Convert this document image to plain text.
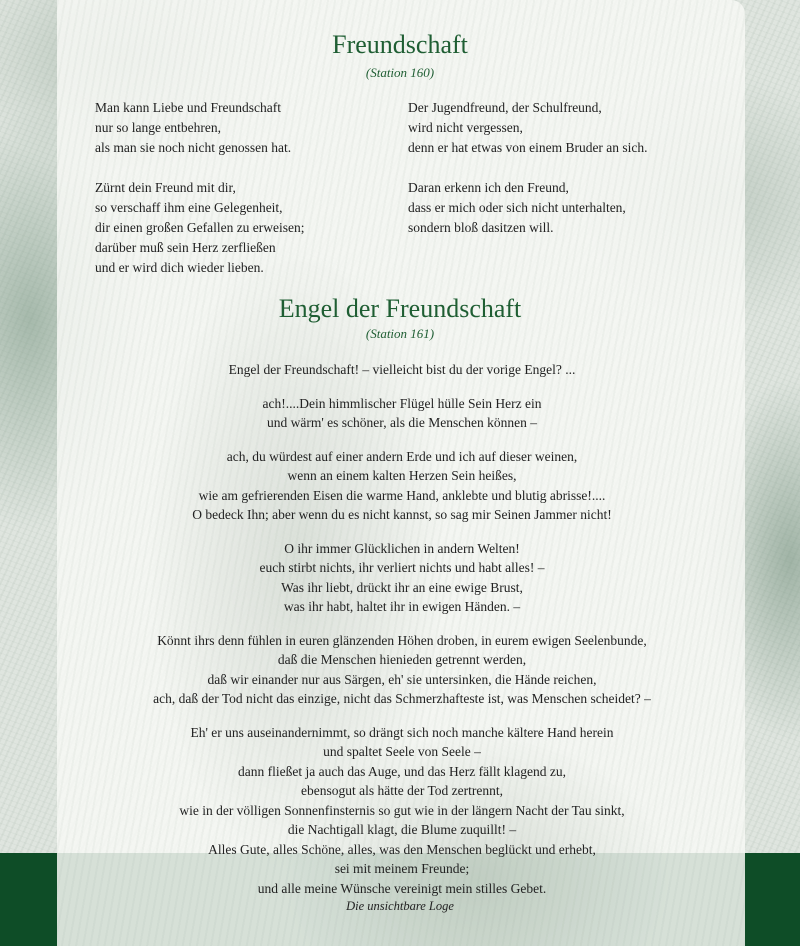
Freundschaft
(Station 160)

Man kann Liebe und Freundschaft
nur so lange entbehren,
als man sie noch nicht genossen hat.

Zürnt dein Freund mit dir,
so verschaff ihm eine Gelegenheit,
dir einen großen Gefallen zu erweisen;
darüber muß sein Herz zerfließen
und er wird dich wieder lieben.

Der Jugendfreund, der Schulfreund,
wird nicht vergessen,
denn er hat etwas von einem Bruder an sich.

Daran erkenn ich den Freund,
dass er mich oder sich nicht unterhalten,
sondern bloß dasitzen will.

Engel der Freundschaft
(Station 161)

Engel der Freundschaft! – vielleicht bist du der vorige Engel? ...

ach!....Dein himmlischer Flügel hülle Sein Herz ein
und wärm' es schöner, als die Menschen können –

ach, du würdest auf einer andern Erde und ich auf dieser weinen,
wenn an einem kalten Herzen Sein heißes,
wie am gefrierenden Eisen die warme Hand, anklebte und blutig abrisse!....
O bedeck Ihn; aber wenn du es nicht kannst, so sag mir Seinen Jammer nicht!

O ihr immer Glücklichen in andern Welten!
euch stirbt nichts, ihr verliert nichts und habt alles! –
Was ihr liebt, drückt ihr an eine ewige Brust,
was ihr habt, haltet ihr in ewigen Händen. –

Könnt ihrs denn fühlen in euren glänzenden Höhen droben, in eurem ewigen Seelenbunde,
daß die Menschen hienieden getrennt werden,
daß wir einander nur aus Särgen, eh' sie untersinken, die Hände reichen,
ach, daß der Tod nicht das einzige, nicht das Schmerzhafteste ist, was Menschen scheidet? –

Eh' er uns auseinandernimmt, so drängt sich noch manche kältere Hand herein
und spaltet Seele von Seele –
dann fließet ja auch das Auge, und das Herz fällt klagend zu,
ebensogut als hätte der Tod zertrennt,
wie in der völligen Sonnenfinsternis so gut wie in der längern Nacht der Tau sinkt,
die Nachtigall klagt, die Blume zuquillt! –
Alles Gute, alles Schöne, alles, was den Menschen beglückt und erhebt,
sei mit meinem Freunde;
und alle meine Wünsche vereinigt mein stilles Gebet.

Die unsichtbare Loge
